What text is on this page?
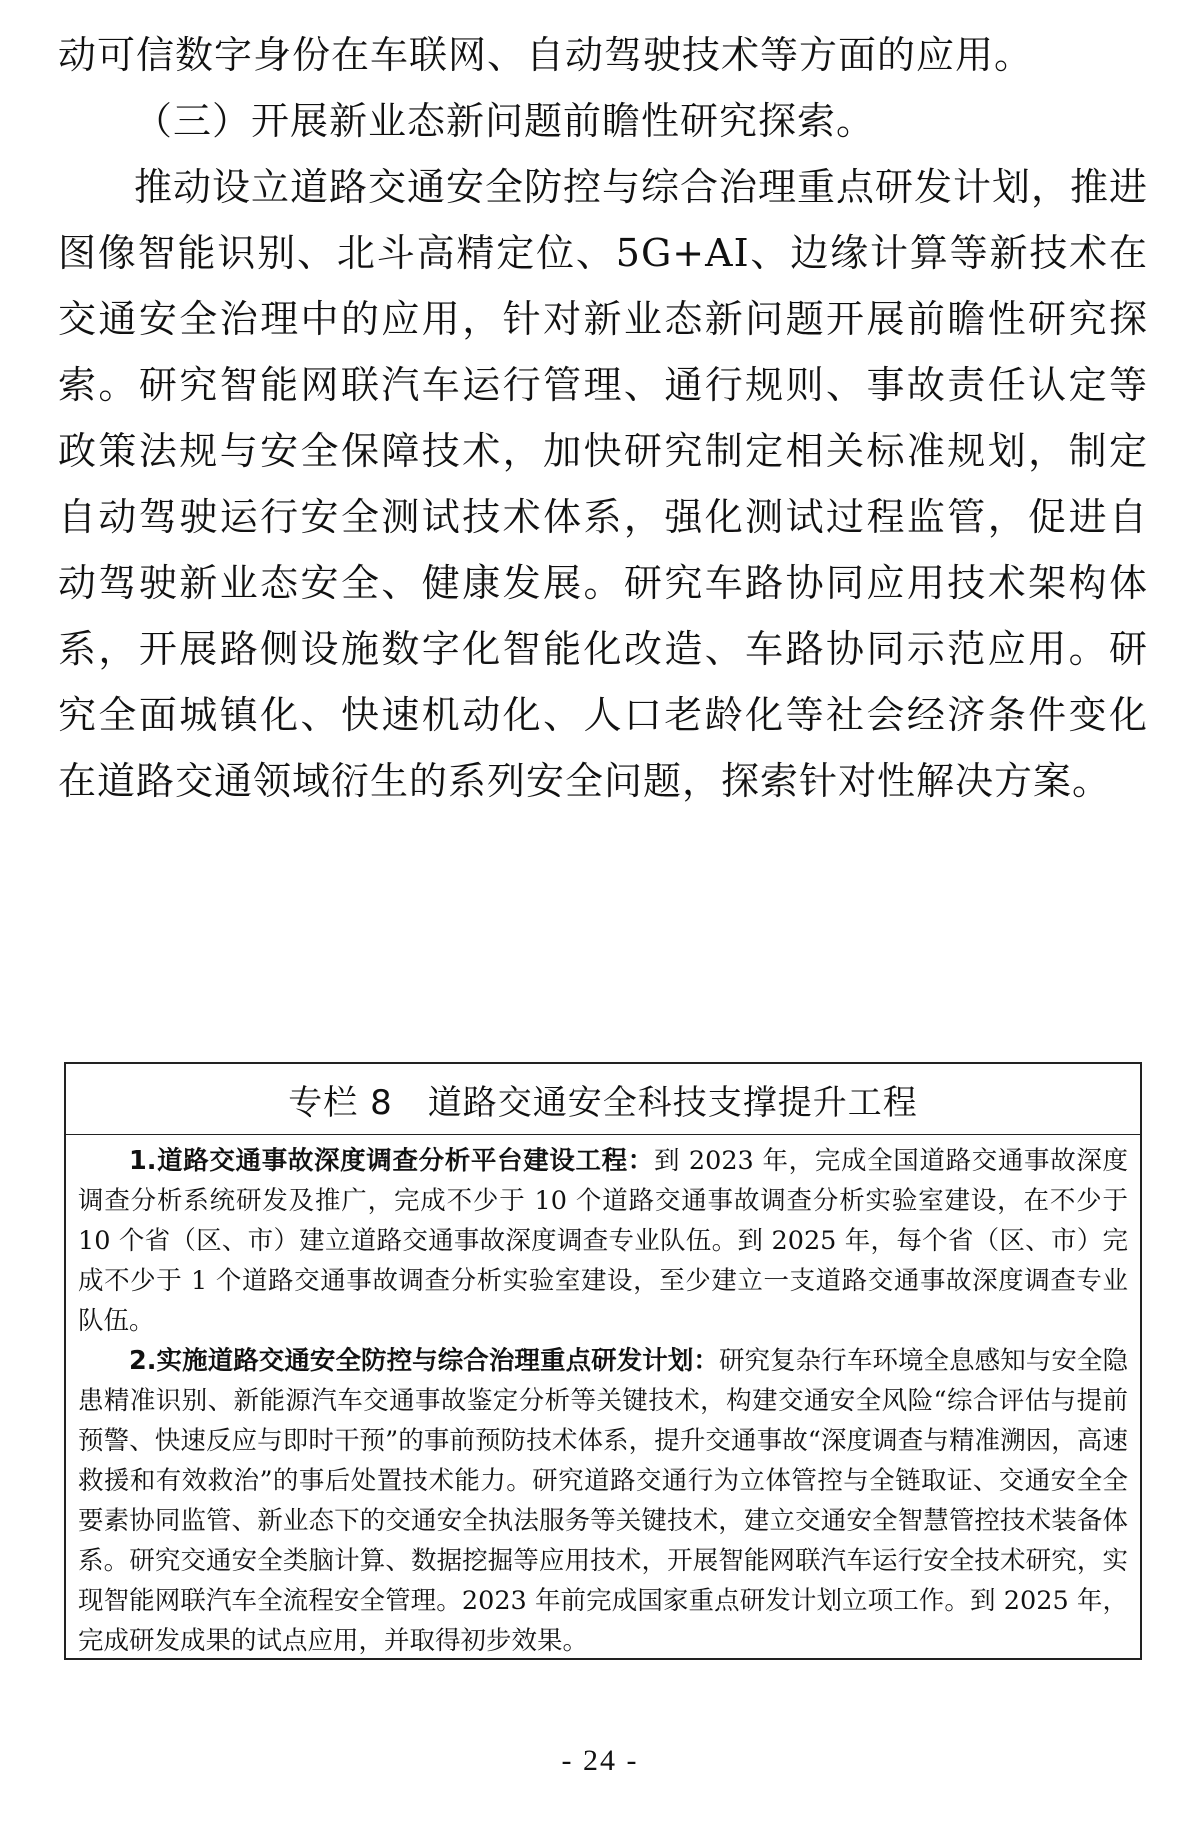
动可信数字身份在车联网、自动驾驶技术等方面的应用。

（三）开展新业态新问题前瞻性研究探索。

推动设立道路交通安全防控与综合治理重点研发计划，推进图像智能识别、北斗高精定位、5G+AI、边缘计算等新技术在交通安全治理中的应用，针对新业态新问题开展前瞻性研究探索。研究智能网联汽车运行管理、通行规则、事故责任认定等政策法规与安全保障技术，加快研究制定相关标准规划，制定自动驾驶运行安全测试技术体系，强化测试过程监管，促进自动驾驶新业态安全、健康发展。研究车路协同应用技术架构体系，开展路侧设施数字化智能化改造、车路协同示范应用。研究全面城镇化、快速机动化、人口老龄化等社会经济条件变化在道路交通领域衍生的系列安全问题，探索针对性解决方案。

专栏 8　道路交通安全科技支撑提升工程

1.道路交通事故深度调查分析平台建设工程：到 2023 年，完成全国道路交通事故深度调查分析系统研发及推广，完成不少于 10 个道路交通事故调查分析实验室建设，在不少于 10 个省（区、市）建立道路交通事故深度调查专业队伍。到 2025 年，每个省（区、市）完成不少于 1 个道路交通事故调查分析实验室建设，至少建立一支道路交通事故深度调查专业队伍。

2.实施道路交通安全防控与综合治理重点研发计划：研究复杂行车环境全息感知与安全隐患精准识别、新能源汽车交通事故鉴定分析等关键技术，构建交通安全风险“综合评估与提前预警、快速反应与即时干预”的事前预防技术体系，提升交通事故“深度调查与精准溯因，高速救援和有效救治”的事后处置技术能力。研究道路交通行为立体管控与全链取证、交通安全全要素协同监管、新业态下的交通安全执法服务等关键技术，建立交通安全智慧管控技术装备体系。研究交通安全类脑计算、数据挖掘等应用技术，开展智能网联汽车运行安全技术研究，实现智能网联汽车全流程安全管理。2023 年前完成国家重点研发计划立项工作。到 2025 年，完成研发成果的试点应用，并取得初步效果。

- 24 -
